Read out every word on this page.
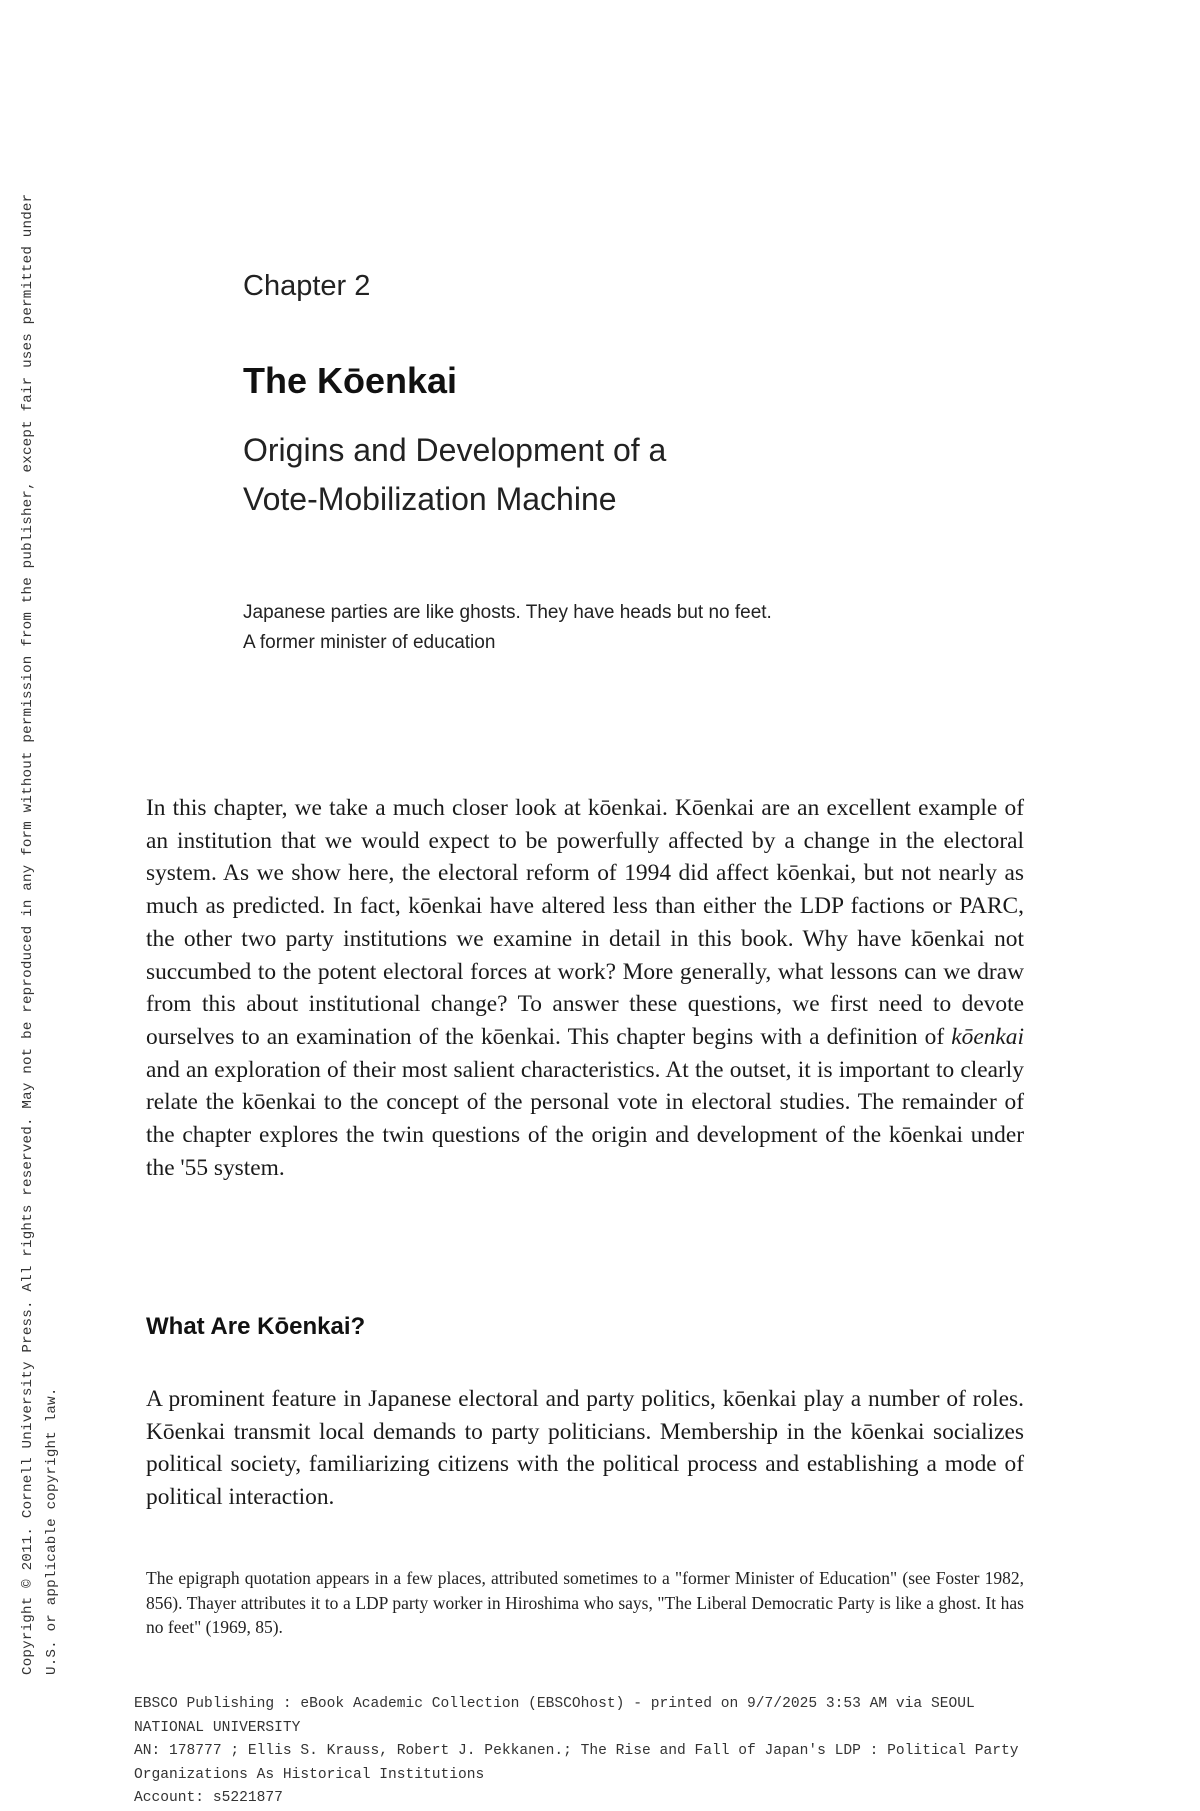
Copyright © 2011. Cornell University Press. All rights reserved. May not be reproduced in any form without permission from the publisher, except fair uses permitted under U.S. or applicable copyright law.
Chapter 2
The Kōenkai
Origins and Development of a
Vote-Mobilization Machine
Japanese parties are like ghosts. They have heads but no feet.
A former minister of education
In this chapter, we take a much closer look at kōenkai. Kōenkai are an excellent example of an institution that we would expect to be powerfully affected by a change in the electoral system. As we show here, the electoral reform of 1994 did affect kōenkai, but not nearly as much as predicted. In fact, kōenkai have altered less than either the LDP factions or PARC, the other two party institutions we examine in detail in this book. Why have kōenkai not succumbed to the potent electoral forces at work? More generally, what lessons can we draw from this about institutional change? To answer these questions, we first need to devote ourselves to an examination of the kōenkai. This chapter begins with a definition of kōenkai and an exploration of their most salient characteristics. At the outset, it is important to clearly relate the kōenkai to the concept of the personal vote in electoral studies. The remainder of the chapter explores the twin questions of the origin and development of the kōenkai under the '55 system.
What Are Kōenkai?
A prominent feature in Japanese electoral and party politics, kōenkai play a number of roles. Kōenkai transmit local demands to party politicians. Membership in the kōenkai socializes political society, familiarizing citizens with the political process and establishing a mode of political interaction.
The epigraph quotation appears in a few places, attributed sometimes to a "former Minister of Education" (see Foster 1982, 856). Thayer attributes it to a LDP party worker in Hiroshima who says, "The Liberal Democratic Party is like a ghost. It has no feet" (1969, 85).
EBSCO Publishing : eBook Academic Collection (EBSCOhost) - printed on 9/7/2025 3:53 AM via SEOUL
NATIONAL UNIVERSITY
AN: 178777 ; Ellis S. Krauss, Robert J. Pekkanen.; The Rise and Fall of Japan's LDP : Political Party
Organizations As Historical Institutions
Account: s5221877
